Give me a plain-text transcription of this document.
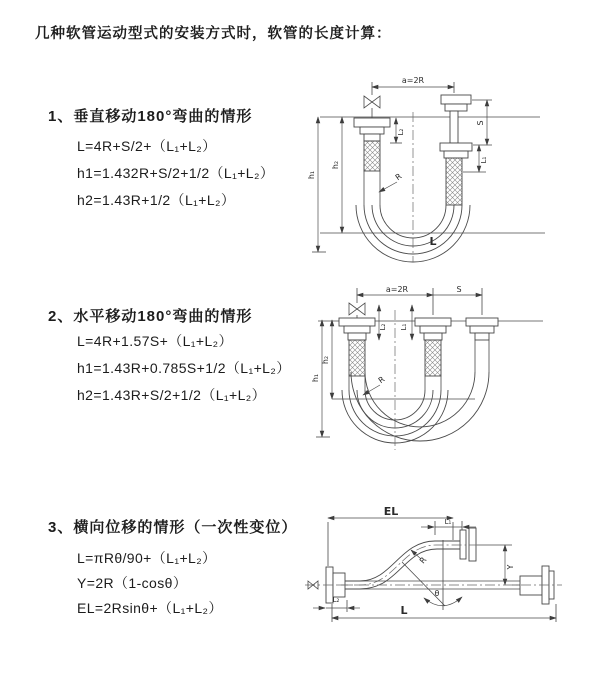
几种软管运动型式的安装方式时，软管的长度计算：
1、垂直移动180°弯曲的情形
L=4R+S/2+（L₁+L₂）
h1=1.432R+S/2+1/2（L₁+L₂）
h2=1.43R+1/2（L₁+L₂）
2、水平移动180°弯曲的情形
L=4R+1.57S+（L₁+L₂）
h1=1.43R+0.785S+1/2（L₁+L₂）
h2=1.43R+S/2+1/2（L₁+L₂）
3、横向位移的情形（一次性变位）
L=πRθ/90+（L₁+L₂）
Y=2R（1-cosθ）
EL=2Rsinθ+（L₁+L₂）
a=2R
h₁
h₂
L₂
S
L₁
R
L
a=2R	S
h₁
h₂
L₂ L₁
R
EL
L₁
Y
R
θ
L
L₂
